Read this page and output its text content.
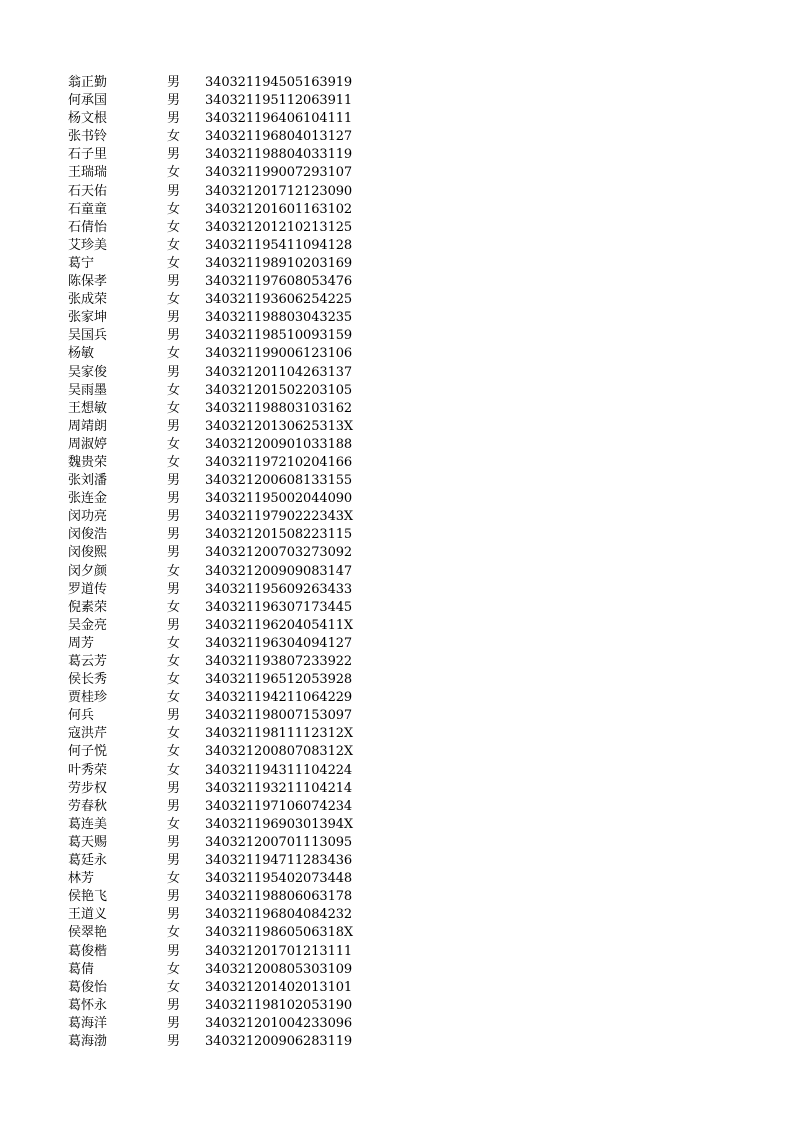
翁正勤	男 340321194505163919
何承国	男 340321195112063911
杨文根	男 340321196406104111
张书铃	女 340321196804013127
石子里	男 340321198804033119
王瑞瑞	女 340321199007293107
石天佑	男 340321201712123090
石童童	女 340321201601163102
石倩怡	女 340321201210213125
艾珍美	女 340321195411094128
葛宁	女 340321198910203169
陈保孝	男 340321197608053476
张成荣	女 340321193606254225
张家坤	男 340321198803043235
吴国兵	男 340321198510093159
杨敏	女 340321199006123106
吴家俊	男 340321201104263137
吴雨墨	女 340321201502203105
王想敏	女 340321198803103162
周靖朗	男 34032120130625313X
周淑婷	女 340321200901033188
魏贵荣	女 340321197210204166
张刘潘	男 340321200608133155
张连金	男 340321195002044090
闵功亮	男 34032119790222343X
闵俊浩	男 340321201508223115
闵俊熙	男 340321200703273092
闵夕颜	女 340321200909083147
罗道传	男 340321195609263433
倪素荣	女 340321196307173445
吴金亮	男 34032119620405411X
周芳	女 340321196304094127
葛云芳	女 340321193807233922
侯长秀	女 340321196512053928
贾桂珍	女 340321194211064229
何兵	男 340321198007153097
寇洪芹	女 34032119811112312X
何子悦	女 34032120080708312X
叶秀荣	女 340321194311104224
劳步权	男 340321193211104214
劳春秋	男 340321197106074234
葛连美	女 34032119690301394X
葛天赐	男 340321200701113095
葛廷永	男 340321194711283436
林芳	女 340321195402073448
侯艳飞	男 340321198806063178
王道义	男 340321196804084232
侯翠艳	女 34032119860506318X
葛俊楷	男 340321201701213111
葛倩	女 340321200805303109
葛俊怡	女 340321201402013101
葛怀永	男 340321198102053190
葛海洋	男 340321201004233096
葛海渤	男 340321200906283119
